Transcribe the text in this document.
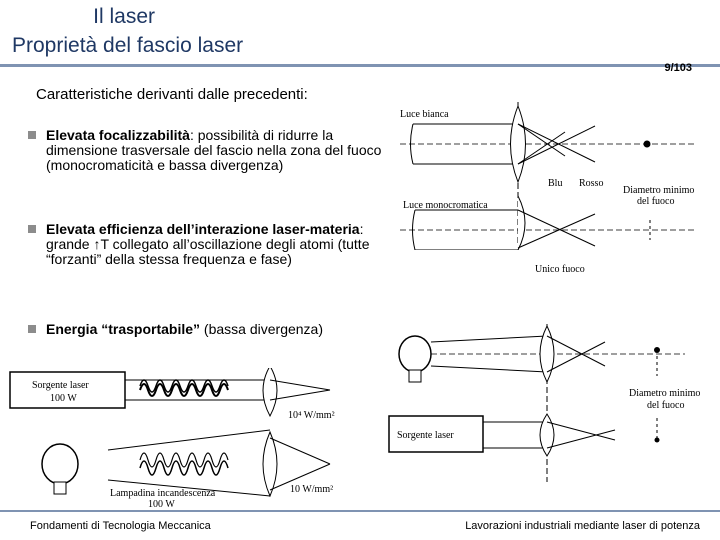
Il laser
Proprietà del fascio laser
9/103
Caratteristiche derivanti dalle precedenti:
Elevata focalizzabilità: possibilità di ridurre la dimensione trasversale del fascio nella zona del fuoco (monocromaticità e bassa divergenza)
Elevata efficienza dell’interazione laser-materia: grande ↑T collegato all’oscillazione degli atomi (tutte “forzanti” della stessa frequenza e fase)
Energia “trasportabile” (bassa divergenza)
Luce bianca
Blu Rosso
Diametro minimo
del fuoco
Luce monocromatica
Unico fuoco
Sorgente laser
100 W
10⁴ W/mm²
Lampadina incandescenza
100 W
10 W/mm²
Diametro minimo
del fuoco
Sorgente laser
Fondamenti di Tecnologia Meccanica	Lavorazioni industriali mediante laser di potenza
